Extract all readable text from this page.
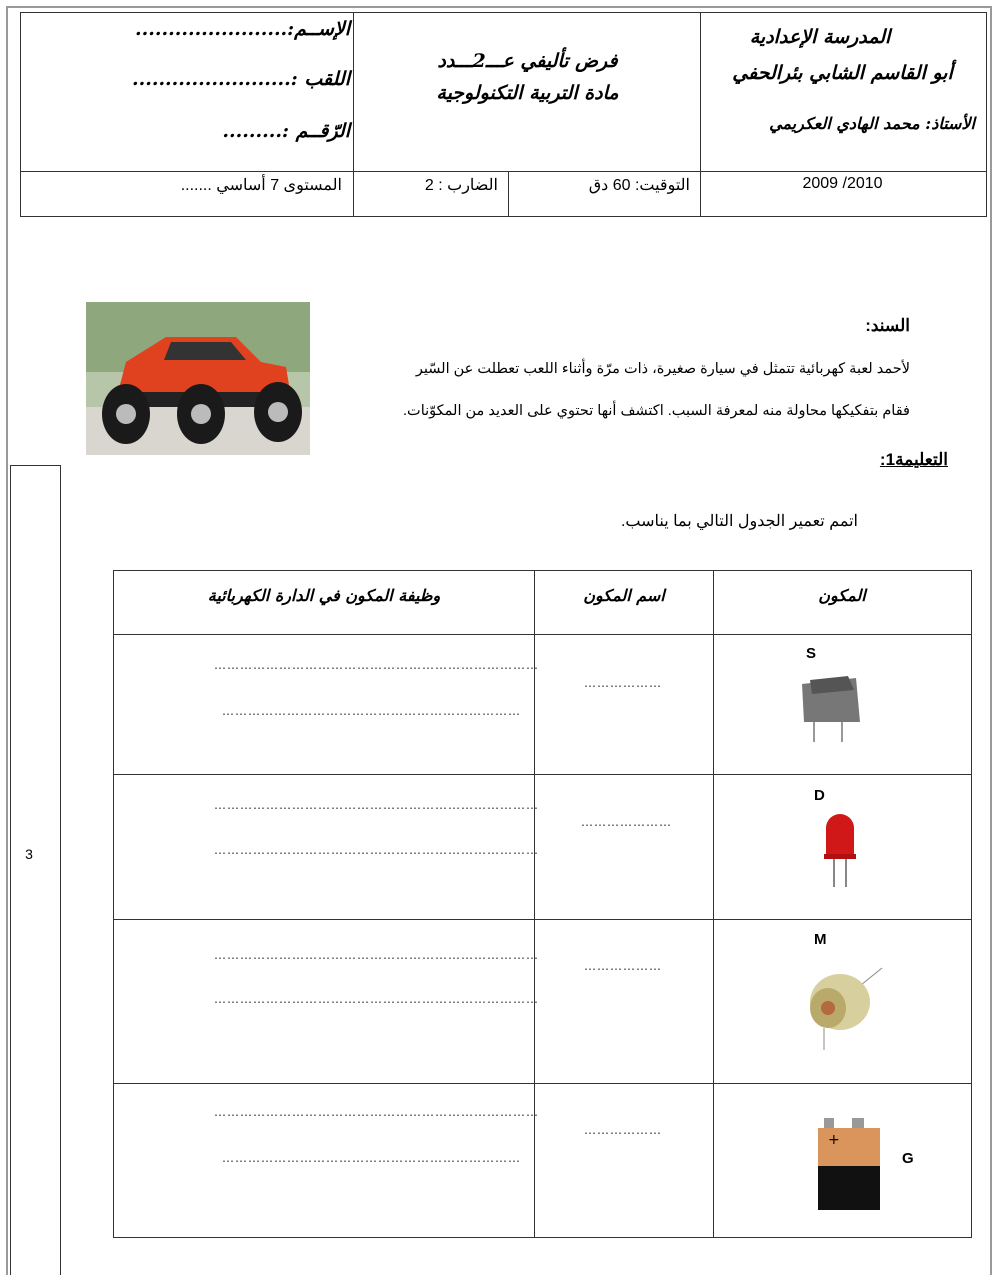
المدرسة الإعدادية
أبو القاسم الشابي بئرالحفي
الأستاذ: محمد الهادي العكريمي
فرض تأليفي عـــ2ـــدد
مادة التربية التكنولوجية
الإســم:.......................
اللقب :........................
الرّقــم :.........
2009 /2010
التوقيت: 60 دق
الضارب : 2
المستوى 7 أساسي .......
السند:
لأحمد لعبة كهربائية تتمثل في سيارة صغيرة، ذات مرّة وأثناء اللعب تعطلت عن السّير
فقام بتفكيكها محاولة منه لمعرفة السبب. اكتشف أنها تحتوي على العديد من المكوّنات.
التعليمة1:
اتمم تعمير الجدول التالي بما يناسب.
3
المكون
اسم المكون
وظيفة المكون في الدارة الكهربائية
S
………………
…………………………………………………………………
……………………………………………………………
D
…………………
…………………………………………………………………
…………………………………………………………………
M
………………
…………………………………………………………………
…………………………………………………………………
+
G
………………
…………………………………………………………………
……………………………………………………………
